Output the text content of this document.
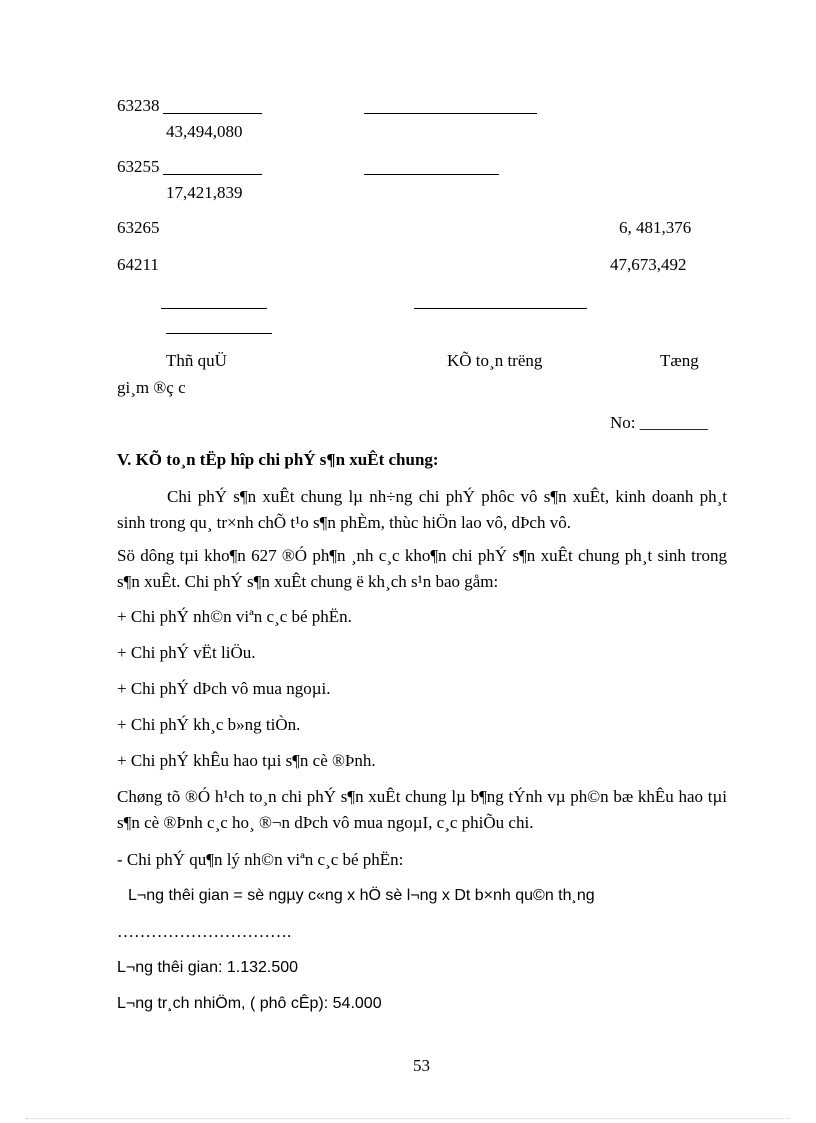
63238
43,494,080
63255
17,421,839
63265	6, 481,376
64211	47,673,492
Thñ quÜ	KÕ to¸n trëng	Tæng
gi¸m ®ç c
No: ________
V. KÕ to¸n tËp hîp chi phÝ s¶n xuÊt chung:
Chi phÝ s¶n xuÊt chung lµ nh÷ng chi phÝ phôc vô s¶n xuÊt, kinh doanh ph¸t sinh trong qu¸ tr×nh chÕ t¹o s¶n phÈm, thùc hiÖn lao vô, dÞch vô.
Sö dông tµi kho¶n 627 ®Ó ph¶n ¸nh c¸c kho¶n chi phÝ s¶n xuÊt chung ph¸t sinh trong s¶n xuÊt. Chi phÝ s¶n xuÊt chung ë kh¸ch s¹n bao gåm:
+ Chi phÝ nh©n viªn c¸c bé phËn.
+ Chi phÝ vËt liÖu.
+ Chi phÝ dÞch vô mua ngoµi.
+ Chi phÝ kh¸c b»ng tiÒn.
+ Chi phÝ khÊu hao tµi s¶n cè ®Þnh.
Chøng tõ ®Ó h¹ch to¸n chi phÝ s¶n xuÊt chung lµ b¶ng tÝnh vµ ph©n bæ khÊu hao tµi s¶n cè ®Þnh c¸c ho¸ ®¬n dÞch vô mua ngoµI, c¸c phiÕu chi.
- Chi phÝ qu¶n lý nh©n viªn c¸c bé phËn:
L¬ng thêi gian = sè ngµy c«ng x hÖ sè l¬ng x Dt b×nh qu©n th¸ng
………………………….
L¬ng thêi gian: 1.132.500
L¬ng tr¸ch nhiÖm, ( phô cÊp): 54.000
53
